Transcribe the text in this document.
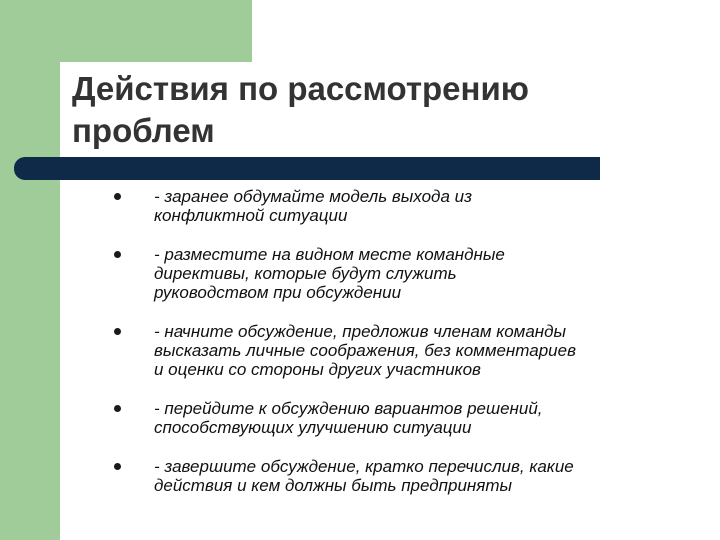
Действия по рассмотрению
проблем
- заранее обдумайте модель выхода из
конфликтной ситуации
- разместите на видном месте командные
директивы, которые будут служить
руководством при обсуждении
- начните обсуждение, предложив членам команды
высказать личные соображения, без комментариев
и оценки со стороны других участников
- перейдите к обсуждению вариантов решений,
способствующих улучшению ситуации
- завершите обсуждение, кратко перечислив, какие
действия и кем должны быть предприняты
